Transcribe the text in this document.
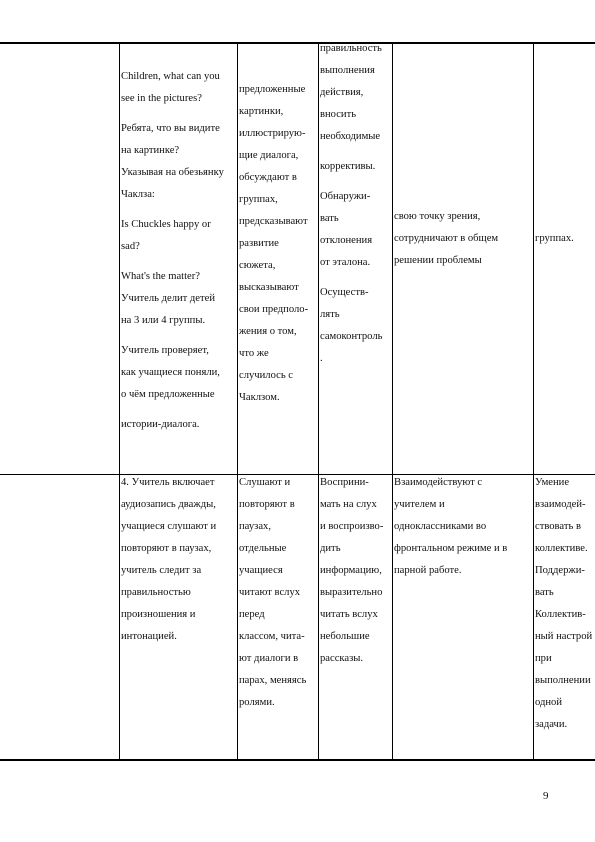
Children, what can you
see in the pictures?
Ребята, что вы видите
на картинке?
Указывая на обезьянку
Чаклза:
Is Chuckles happy or
sad?
What's the matter?
Учитель делит детей
на 3 или 4 группы.
Учитель проверяет,
как учащиеся поняли,
о чём предложенные
истории-диалога.
предложенные
картинки,
иллюстрирую-
щие диалога,
обсуждают в
группах,
предсказывают
развитие
сюжета,
высказывают
свои предполо-
жения о том,
что же
случилось с
Чаклзом.
правильность
выполнения
действия,
вносить
необходимые
коррективы.
Обнаружи-
вать
отклонения
от эталона.
Осуществ-
лять
самоконтроль
.
свою точку зрения,
сотрудничают в общем
решении проблемы
группах.
4. Учитель включает
аудиозапись дважды,
учащиеся слушают и
повторяют в паузах,
учитель следит за
правильностью
произношения и
интонацией.
Слушают и
повторяют в
паузах,
отдельные
учащиеся
читают вслух
перед
классом, чита-
ют диалоги в
парах, меняясь
ролями.
Восприни-
мать на слух
и воспроизво-
дить
информацию,
выразительно
читать вслух
небольшие
рассказы.
Взаимодействуют с
учителем и
одноклассниками во
фронтальном режиме и в
парной работе.
Умение
взаимодей-
ствовать в
коллективе.
Поддержи-
вать
Коллектив-
ный настрой
при
выполнении
одной
задачи.
9
